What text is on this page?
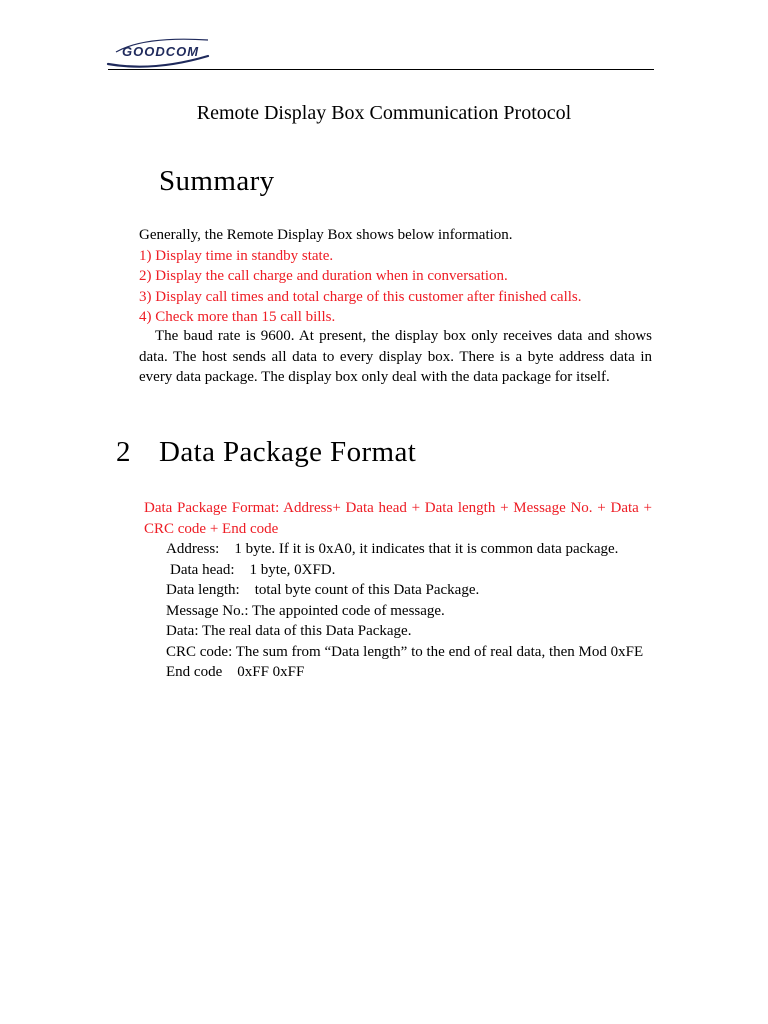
GOODCOM
Remote Display Box Communication Protocol
Summary
Generally, the Remote Display Box shows below information.
1) Display time in standby state.
2) Display the call charge and duration when in conversation.
3) Display call times and total charge of this customer after finished calls.
4) Check more than 15 call bills.
The baud rate is 9600. At present, the display box only receives data and shows data. The host sends all data to every display box. There is a byte address data in every data package. The display box only deal with the data package for itself.
2 Data Package Format
Data Package Format: Address+ Data head + Data length + Message No. + Data + CRC code + End code
Address:    1 byte. If it is 0xA0, it indicates that it is common data package.
Data head:    1 byte, 0XFD.
Data length:    total byte count of this Data Package.
Message No.: The appointed code of message.
Data: The real data of this Data Package.
CRC code: The sum from “Data length” to the end of real data, then Mod 0xFE
End code    0xFF 0xFF
